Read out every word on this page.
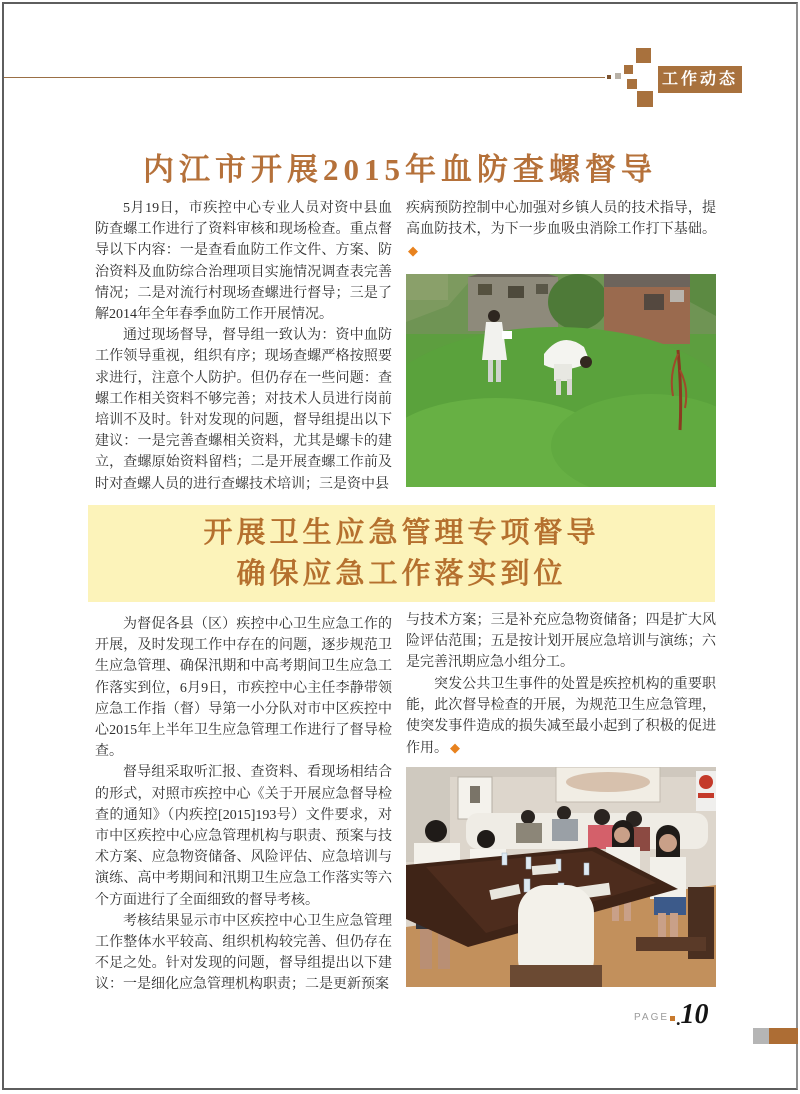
工作动态
内江市开展2015年血防查螺督导

5月19日，市疾控中心专业人员对资中县血防查螺工作进行了资料审核和现场检查。重点督导以下内容：一是查看血防工作文件、方案、防治资料及血防综合治理项目实施情况调查表完善情况；二是对流行村现场查螺进行督导；三是了解2014年全年春季血防工作开展情况。

通过现场督导，督导组一致认为：资中血防工作领导重视，组织有序；现场查螺严格按照要求进行，注意个人防护。但仍存在一些问题：查螺工作相关资料不够完善；对技术人员进行岗前培训不及时。针对发现的问题，督导组提出以下建议：一是完善查螺相关资料，尤其是螺卡的建立，查螺原始资料留档；二是开展查螺工作前及时对查螺人员的进行查螺技术培训；三是资中县

疾病预防控制中心加强对乡镇人员的技术指导，提高血防技术，为下一步血吸虫消除工作打下基础。◆

开展卫生应急管理专项督导
确保应急工作落实到位

为督促各县（区）疾控中心卫生应急工作的开展，及时发现工作中存在的问题，逐步规范卫生应急管理、确保汛期和中高考期间卫生应急工作落实到位，6月9日，市疾控中心主任李静带领应急工作指（督）导第一小分队对市中区疾控中心2015年上半年卫生应急管理工作进行了督导检查。

督导组采取听汇报、查资料、看现场相结合的形式，对照市疾控中心《关于开展应急督导检查的通知》（内疾控[2015]193号）文件要求，对市中区疾控中心应急管理机构与职责、预案与技术方案、应急物资储备、风险评估、应急培训与演练、高中考期间和汛期卫生应急工作落实等六个方面进行了全面细致的督导考核。

考核结果显示市中区疾控中心卫生应急管理工作整体水平较高、组织机构较完善、但仍存在不足之处。针对发现的问题，督导组提出以下建议：一是细化应急管理机构职责；二是更新预案

与技术方案；三是补充应急物资储备；四是扩大风险评估范围；五是按计划开展应急培训与演练；六是完善汛期应急小组分工。

突发公共卫生事件的处置是疾控机构的重要职能，此次督导检查的开展，为规范卫生应急管理，使突发事件造成的损失减至最小起到了积极的促进作用。 ◆

PAGE . 10
